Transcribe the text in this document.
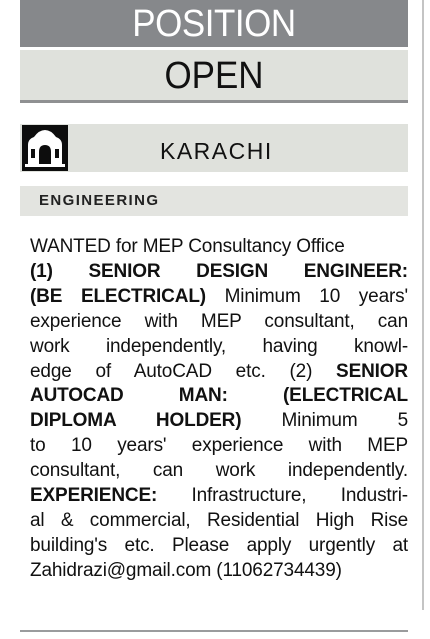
POSITION
OPEN
KARACHI
ENGINEERING
WANTED for MEP Consultancy Office
(1) SENIOR DESIGN ENGINEER:
(BE ELECTRICAL) Minimum 10 years'
experience with MEP consultant, can
work independently, having knowl-
edge of AutoCAD etc. (2) SENIOR
AUTOCAD MAN: (ELECTRICAL
DIPLOMA HOLDER) Minimum 5
to 10 years' experience with MEP
consultant, can work independently.
EXPERIENCE: Infrastructure, Industri-
al & commercial, Residential High Rise
building's etc. Please apply urgently at
Zahidrazi@gmail.com (11062734439)
